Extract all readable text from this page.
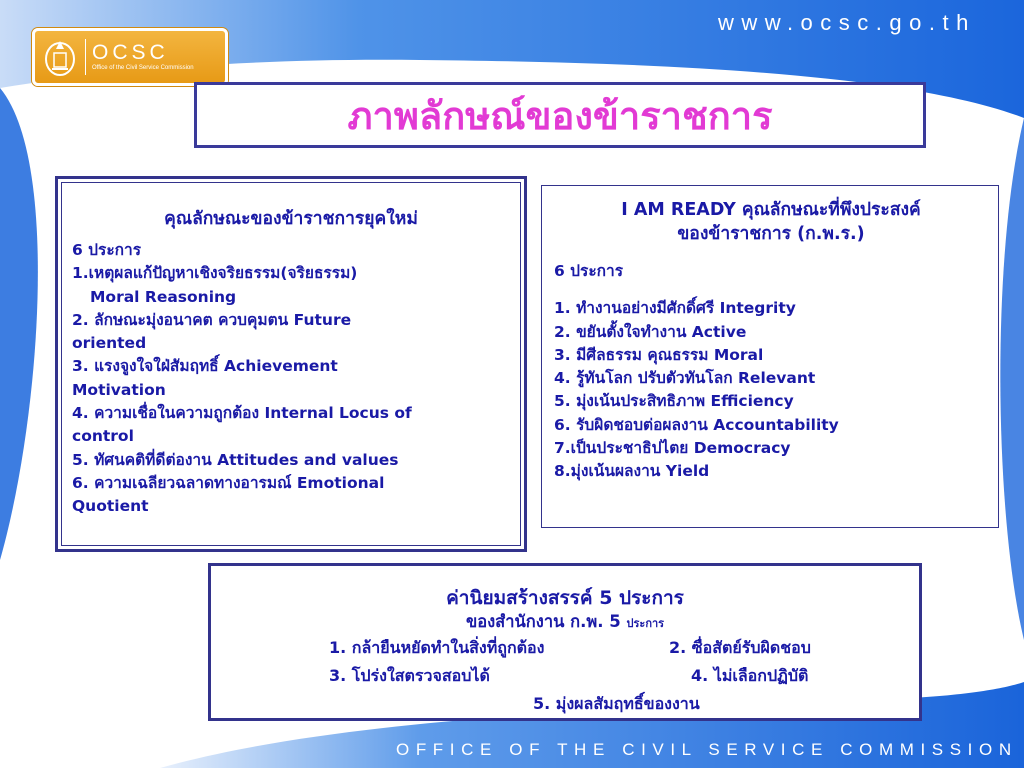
OCSC
Office of the Civil Service Commission
www.ocsc.go.th
ภาพลักษณ์ของข้าราชการ
คุณลักษณะของข้าราชการยุคใหม่
6 ประการ
1.เหตุผลแก้ปัญหาเชิงจริยธรรม(จริยธรรม)
Moral Reasoning
2. ลักษณะมุ่งอนาคต ควบคุมตน Future
oriented
3. แรงจูงใจใฝ่สัมฤทธิ์ Achievement
Motivation
4. ความเชื่อในความถูกต้อง Internal Locus of
control
5. ทัศนคติที่ดีต่องาน Attitudes and values
6. ความเฉลียวฉลาดทางอารมณ์ Emotional
Quotient
I AM READY คุณลักษณะที่พึงประสงค์
ของข้าราชการ (ก.พ.ร.)
6 ประการ
1. ทำงานอย่างมีศักดิ์ศรี Integrity
2. ขยันตั้งใจทำงาน Active
3. มีศีลธรรม คุณธรรม Moral
4. รู้ทันโลก ปรับตัวทันโลก Relevant
5. มุ่งเน้นประสิทธิภาพ Efficiency
6. รับผิดชอบต่อผลงาน Accountability
7.เป็นประชาธิปไตย Democracy
8.มุ่งเน้นผลงาน Yield
ค่านิยมสร้างสรรค์ 5 ประการ
ของสำนักงาน ก.พ. 5 ประการ
1. กล้ายืนหยัดทำในสิ่งที่ถูกต้อง	2. ซื่อสัตย์รับผิดชอบ
3. โปร่งใสตรวจสอบได้	4. ไม่เลือกปฏิบัติ
5. มุ่งผลสัมฤทธิ์ของงาน
OFFICE OF THE CIVIL SERVICE COMMISSION
